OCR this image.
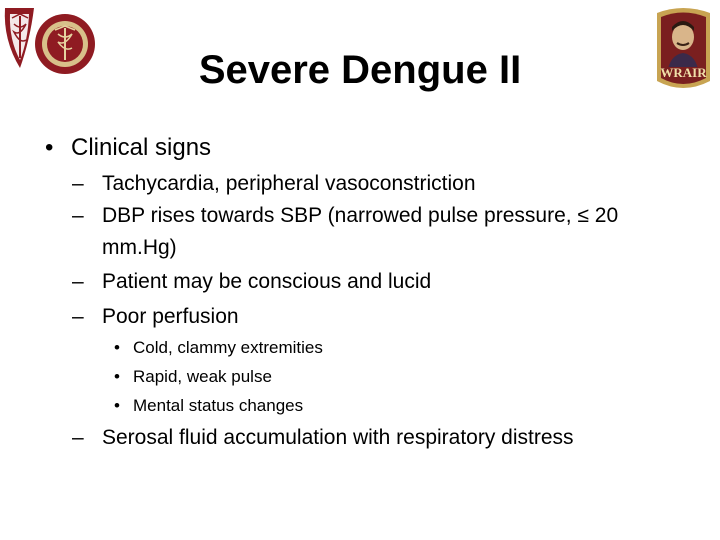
WRAIR
Severe Dengue II
• Clinical signs
– Tachycardia, peripheral vasoconstriction
– DBP rises towards SBP (narrowed pulse pressure, ≤ 20 mm.Hg)
– Patient may be conscious and lucid
– Poor perfusion
• Cold, clammy extremities
• Rapid, weak pulse
• Mental status changes
– Serosal fluid accumulation with respiratory distress
